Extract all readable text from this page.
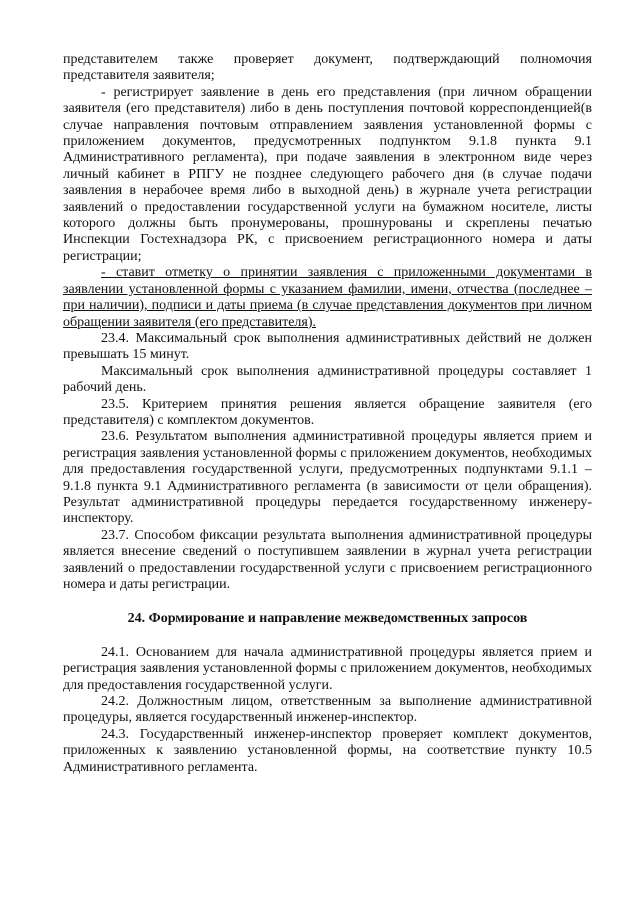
представителем также проверяет документ, подтверждающий полномочия представителя заявителя;

- регистрирует заявление в день его представления (при личном обращении заявителя (его представителя) либо в день поступления почтовой корреспонденцией(в случае направления почтовым отправлением заявления установленной формы с приложением документов, предусмотренных подпунктом 9.1.8 пункта 9.1 Административного регламента), при подаче заявления в электронном виде через личный кабинет в РПГУ не позднее следующего рабочего дня (в случае подачи заявления в нерабочее время либо в выходной день) в журнале учета регистрации заявлений о предоставлении государственной услуги на бумажном носителе, листы которого должны быть пронумерованы, прошнурованы и скреплены печатью Инспекции Гостехнадзора РК, с присвоением регистрационного номера и даты регистрации;

- ставит отметку о принятии заявления с приложенными документами в заявлении установленной формы с указанием фамилии, имени, отчества (последнее – при наличии), подписи и даты приема (в случае представления документов при личном обращении заявителя (его представителя).

23.4. Максимальный срок выполнения административных действий не должен превышать 15 минут.

Максимальный срок выполнения административной процедуры составляет 1 рабочий день.

23.5. Критерием принятия решения является обращение заявителя (его представителя) с комплектом документов.

23.6. Результатом выполнения административной процедуры является прием и регистрация заявления установленной формы с приложением документов, необходимых для предоставления государственной услуги, предусмотренных подпунктами 9.1.1 – 9.1.8 пункта 9.1 Административного регламента (в зависимости от цели обращения). Результат административной процедуры передается государственному инженеру-инспектору.

23.7. Способом фиксации результата выполнения административной процедуры является внесение сведений о поступившем заявлении в журнал учета регистрации заявлений о предоставлении государственной услуги с присвоением регистрационного номера и даты регистрации.

24. Формирование и направление межведомственных запросов

24.1. Основанием для начала административной процедуры является прием и регистрация заявления установленной формы с приложением документов, необходимых для предоставления государственной услуги.

24.2. Должностным лицом, ответственным за выполнение административной процедуры, является государственный инженер-инспектор.

24.3. Государственный инженер-инспектор проверяет комплект документов, приложенных к заявлению установленной формы, на соответствие пункту 10.5 Административного регламента.
